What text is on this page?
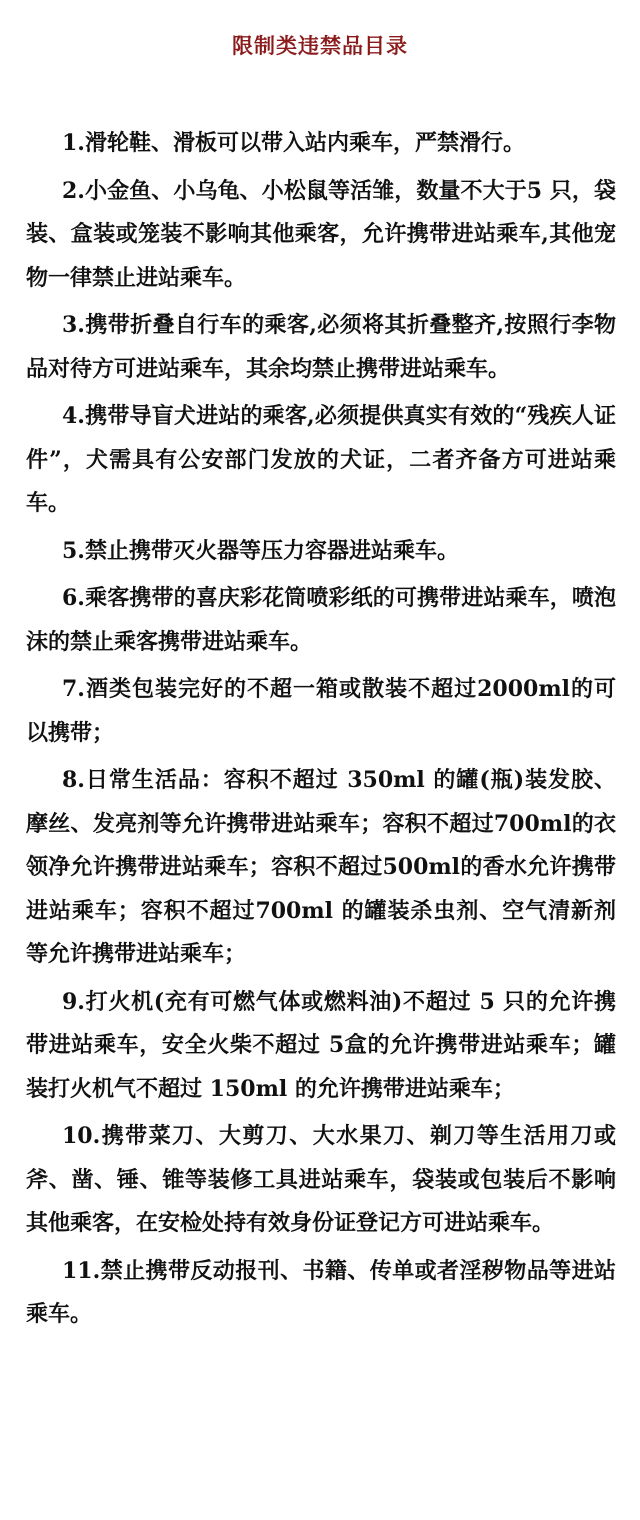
限制类违禁品目录

1.滑轮鞋、滑板可以带入站内乘车，严禁滑行。

2.小金鱼、小乌龟、小松鼠等活雏，数量不大于5 只，袋装、盒装或笼装不影响其他乘客，允许携带进站乘车,其他宠物一律禁止进站乘车。

3.携带折叠自行车的乘客,必须将其折叠整齐,按照行李物品对待方可进站乘车，其余均禁止携带进站乘车。

4.携带导盲犬进站的乘客,必须提供真实有效的“残疾人证件”，犬需具有公安部门发放的犬证，二者齐备方可进站乘车。

5.禁止携带灭火器等压力容器进站乘车。

6.乘客携带的喜庆彩花筒喷彩纸的可携带进站乘车，喷泡沫的禁止乘客携带进站乘车。

7.酒类包装完好的不超一箱或散装不超过2000ml的可以携带；

8.日常生活品：容积不超过 350ml 的罐(瓶)装发胶、摩丝、发亮剂等允许携带进站乘车；容积不超过700ml的衣领净允许携带进站乘车；容积不超过500ml的香水允许携带进站乘车；容积不超过700ml 的罐装杀虫剂、空气清新剂等允许携带进站乘车；

9.打火机(充有可燃气体或燃料油)不超过 5 只的允许携带进站乘车，安全火柴不超过 5盒的允许携带进站乘车；罐装打火机气不超过 150ml 的允许携带进站乘车；

10.携带菜刀、大剪刀、大水果刀、剃刀等生活用刀或斧、凿、锤、锥等装修工具进站乘车，袋装或包装后不影响其他乘客，在安检处持有效身份证登记方可进站乘车。

11.禁止携带反动报刊、书籍、传单或者淫秽物品等进站乘车。
